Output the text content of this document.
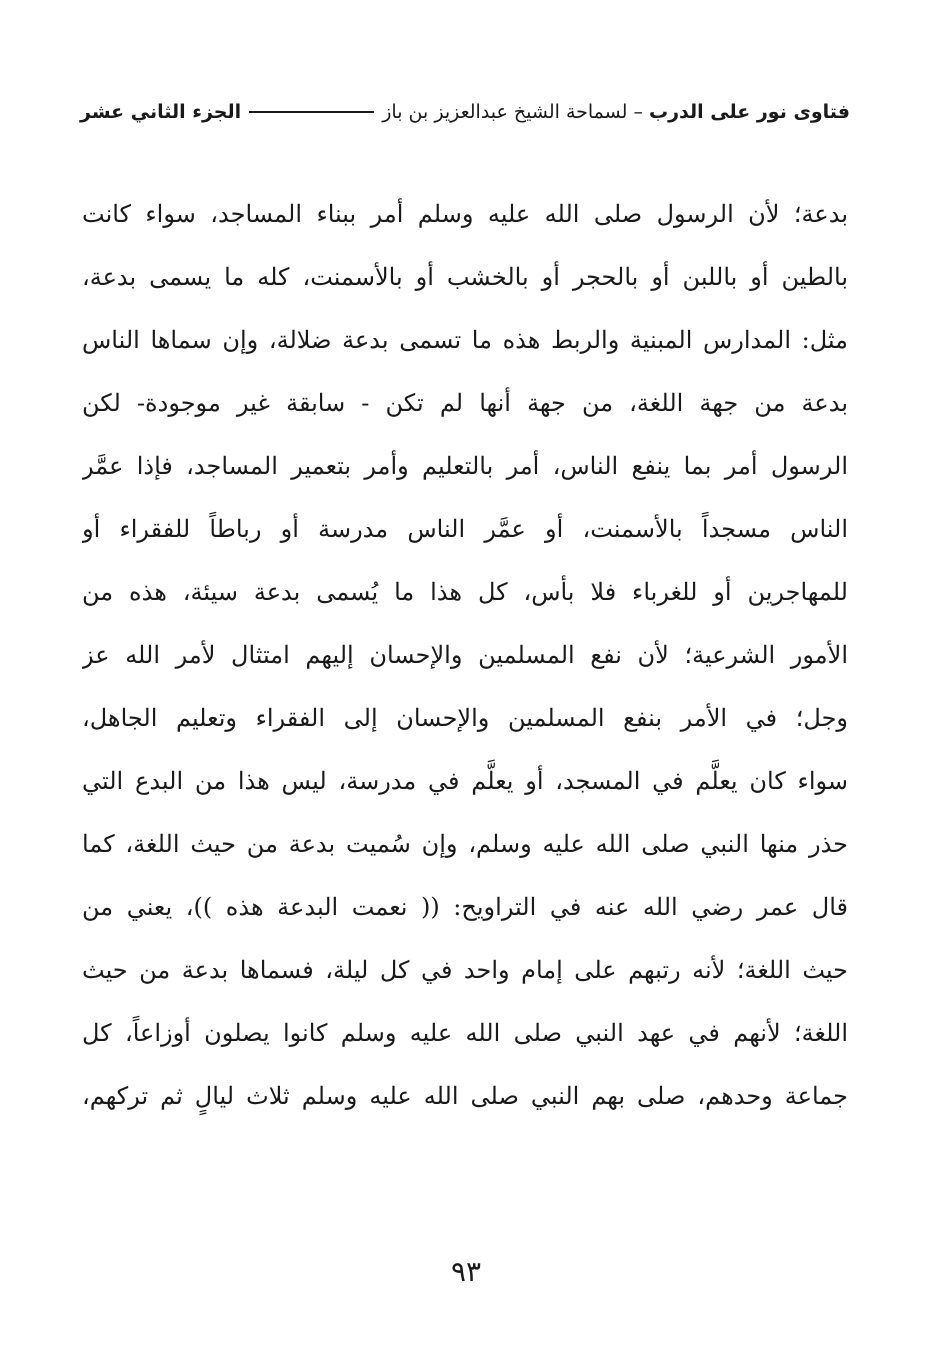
فتاوى نور على الدرب – لسماحة الشيخ عبدالعزيز بن باز
الجزء الثاني عشر
بدعة؛ لأن الرسول صلى الله عليه وسلم أمر ببناء المساجد، سواء كانت
بالطين أو باللبن أو بالحجر أو بالخشب أو بالأسمنت، كله ما يسمى بدعة،
مثل: المدارس المبنية والربط هذه ما تسمى بدعة ضلالة، وإن سماها الناس
بدعة من جهة اللغة، من جهة أنها لم تكن - سابقة غير موجودة- لكن
الرسول أمر بما ينفع الناس، أمر بالتعليم وأمر بتعمير المساجد، فإذا عمَّر
الناس مسجداً بالأسمنت، أو عمَّر الناس مدرسة أو رباطاً للفقراء أو
للمهاجرين أو للغرباء فلا بأس، كل هذا ما يُسمى بدعة سيئة، هذه من
الأمور الشرعية؛ لأن نفع المسلمين والإحسان إليهم امتثال لأمر الله عز
وجل؛ في الأمر بنفع المسلمين والإحسان إلى الفقراء وتعليم الجاهل،
سواء كان يعلَّم في المسجد، أو يعلَّم في مدرسة، ليس هذا من البدع التي
حذر منها النبي صلى الله عليه وسلم، وإن سُميت بدعة من حيث اللغة، كما
قال عمر رضي الله عنه في التراويح: (( نعمت البدعة هذه ))، يعني من
حيث اللغة؛ لأنه رتبهم على إمام واحد في كل ليلة، فسماها بدعة من حيث
اللغة؛ لأنهم في عهد النبي صلى الله عليه وسلم كانوا يصلون أوزاعاً، كل
جماعة وحدهم، صلى بهم النبي صلى الله عليه وسلم ثلاث ليالٍ ثم تركهم،
٩٣
